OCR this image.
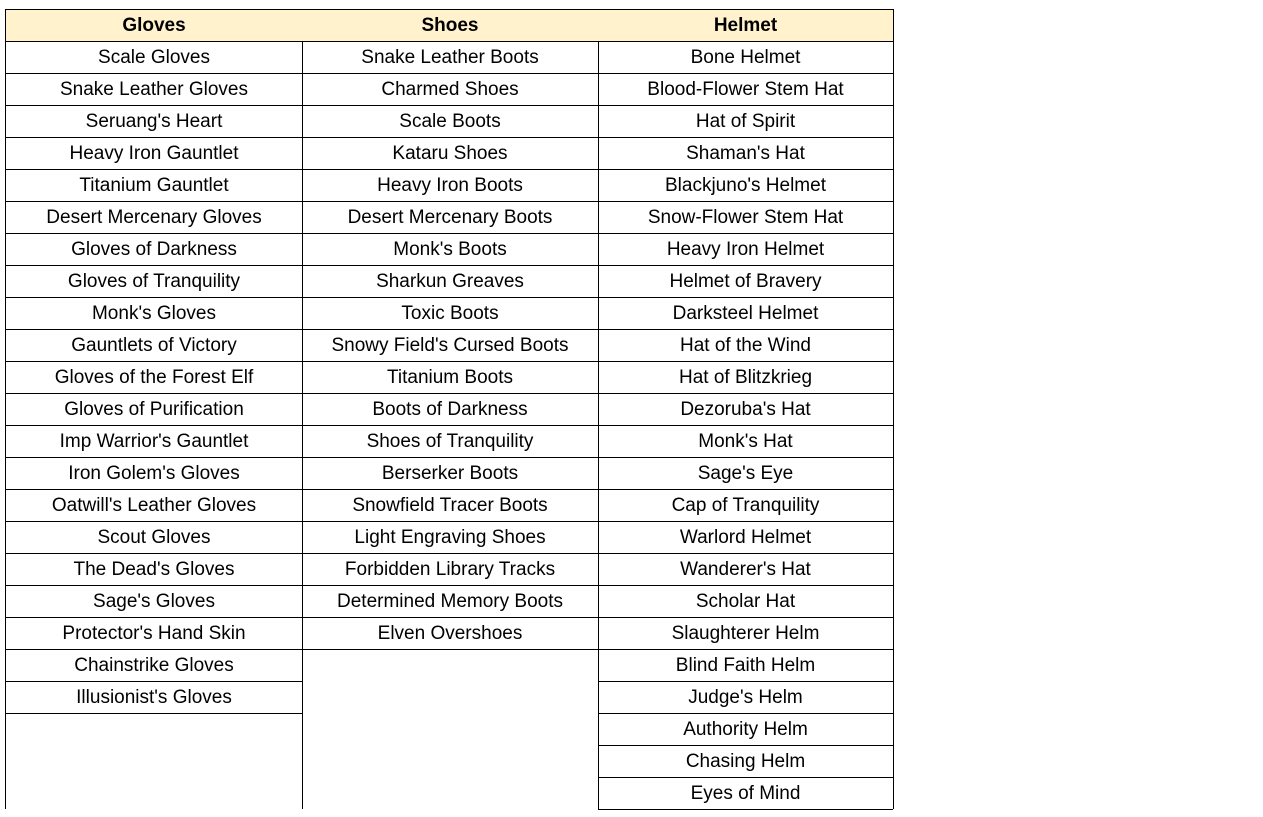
Gloves
Scale Gloves
Snake Leather Gloves
Seruang's Heart
Heavy Iron Gauntlet
Titanium Gauntlet
Desert Mercenary Gloves
Gloves of Darkness
Gloves of Tranquility
Monk's Gloves
Gauntlets of Victory
Gloves of the Forest Elf
Gloves of Purification
Imp Warrior's Gauntlet
Iron Golem's Gloves
Oatwill's Leather Gloves
Scout Gloves
The Dead's Gloves
Sage's Gloves
Protector's Hand Skin
Chainstrike Gloves
Illusionist's Gloves
Shoes
Snake Leather Boots
Charmed Shoes
Scale Boots
Kataru Shoes
Heavy Iron Boots
Desert Mercenary Boots
Monk's Boots
Sharkun Greaves
Toxic Boots
Snowy Field's Cursed Boots
Titanium Boots
Boots of Darkness
Shoes of Tranquility
Berserker Boots
Snowfield Tracer Boots
Light Engraving Shoes
Forbidden Library Tracks
Determined Memory Boots
Elven Overshoes
Helmet
Bone Helmet
Blood-Flower Stem Hat
Hat of Spirit
Shaman's Hat
Blackjuno's Helmet
Snow-Flower Stem Hat
Heavy Iron Helmet
Helmet of Bravery
Darksteel Helmet
Hat of the Wind
Hat of Blitzkrieg
Dezoruba's Hat
Monk's Hat
Sage's Eye
Cap of Tranquility
Warlord Helmet
Wanderer's Hat
Scholar Hat
Slaughterer Helm
Blind Faith Helm
Judge's Helm
Authority Helm
Chasing Helm
Eyes of Mind
